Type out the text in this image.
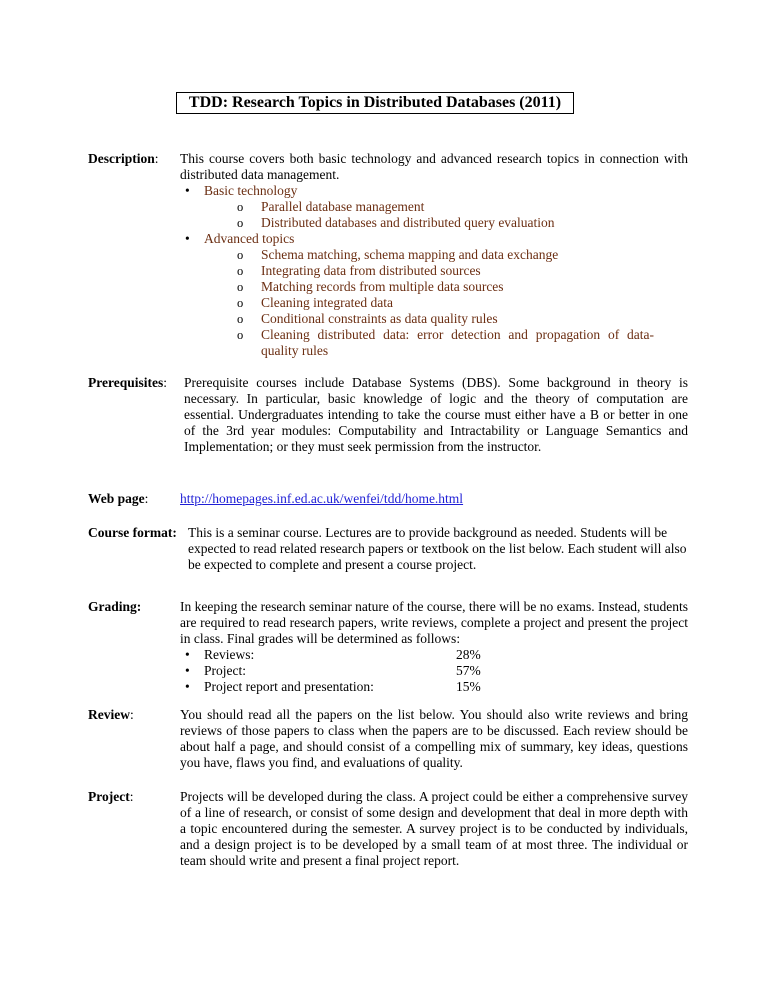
TDD: Research Topics in Distributed Databases (2011)
Description: This course covers both basic technology and advanced research topics in connection with distributed data management.

• Basic technology
o Parallel database management
o Distributed databases and distributed query evaluation
• Advanced topics
o Schema matching, schema mapping and data exchange
o Integrating data from distributed sources
o Matching records from multiple data sources
o Cleaning integrated data
o Conditional constraints as data quality rules
o Cleaning distributed data: error detection and propagation of data-quality rules
Prerequisites: Prerequisite courses include Database Systems (DBS). Some background in theory is necessary. In particular, basic knowledge of logic and the theory of computation are essential. Undergraduates intending to take the course must either have a B or better in one of the 3rd year modules: Computability and Intractability or Language Semantics and Implementation; or they must seek permission from the instructor.

Web page: http://homepages.inf.ed.ac.uk/wenfei/tdd/home.html
Course format: This is a seminar course. Lectures are to provide background as needed. Students will be expected to read related research papers or textbook on the list below. Each student will also be expected to complete and present a course project.

Grading:	In keeping the research seminar nature of the course, there will be no exams. Instead, students are required to read research papers, write reviews, complete a project and present the project in class. Final grades will be determined as follows:

• Reviews:	28%
• Project:	57%
• Project report and presentation:	15%
Review:	You should read all the papers on the list below. You should also write reviews and bring reviews of those papers to class when the papers are to be discussed. Each review should be about half a page, and should consist of a compelling mix of summary, key ideas, questions you have, flaws you find, and evaluations of quality.

Project:	Projects will be developed during the class. A project could be either a comprehensive survey of a line of research, or consist of some design and development that deal in more depth with a topic encountered during the semester. A survey project is to be conducted by individuals, and a design project is to be developed by a small team of at most three. The individual or team should write and present a final project report.
